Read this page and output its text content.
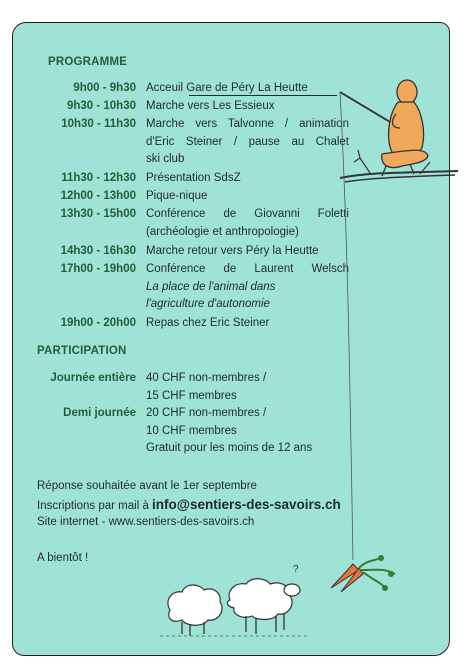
PROGRAMME
9h00 - 9h30 Acceuil Gare de Péry La Heutte
9h30 - 10h30 Marche vers Les Essieux
10h30 - 11h30 Marche vers Talvonne / animation
d'Eric Steiner / pause au Chalet
ski club
11h30 - 12h30 Présentation SdsZ
12h00 - 13h00 Pique-nique
13h30 - 15h00 Conférence de Giovanni Foletti
(archéologie et anthropologie)
14h30 - 16h30 Marche retour vers Péry la Heutte
17h00 - 19h00 Conférence de Laurent Welsch
La place de l'animal dans
l'agriculture d'autonomie
19h00 - 20h00 Repas chez Eric Steiner
PARTICIPATION
Journée entière 40 CHF non-membres /
15 CHF membres
Demi journée 20 CHF non-membres /
10 CHF membres
Gratuit pour les moins de 12 ans
Réponse souhaitée avant le 1er septembre
Inscriptions par mail à info@sentiers-des-savoirs.ch
Site internet - www.sentiers-des-savoirs.ch
A bientôt !
?
